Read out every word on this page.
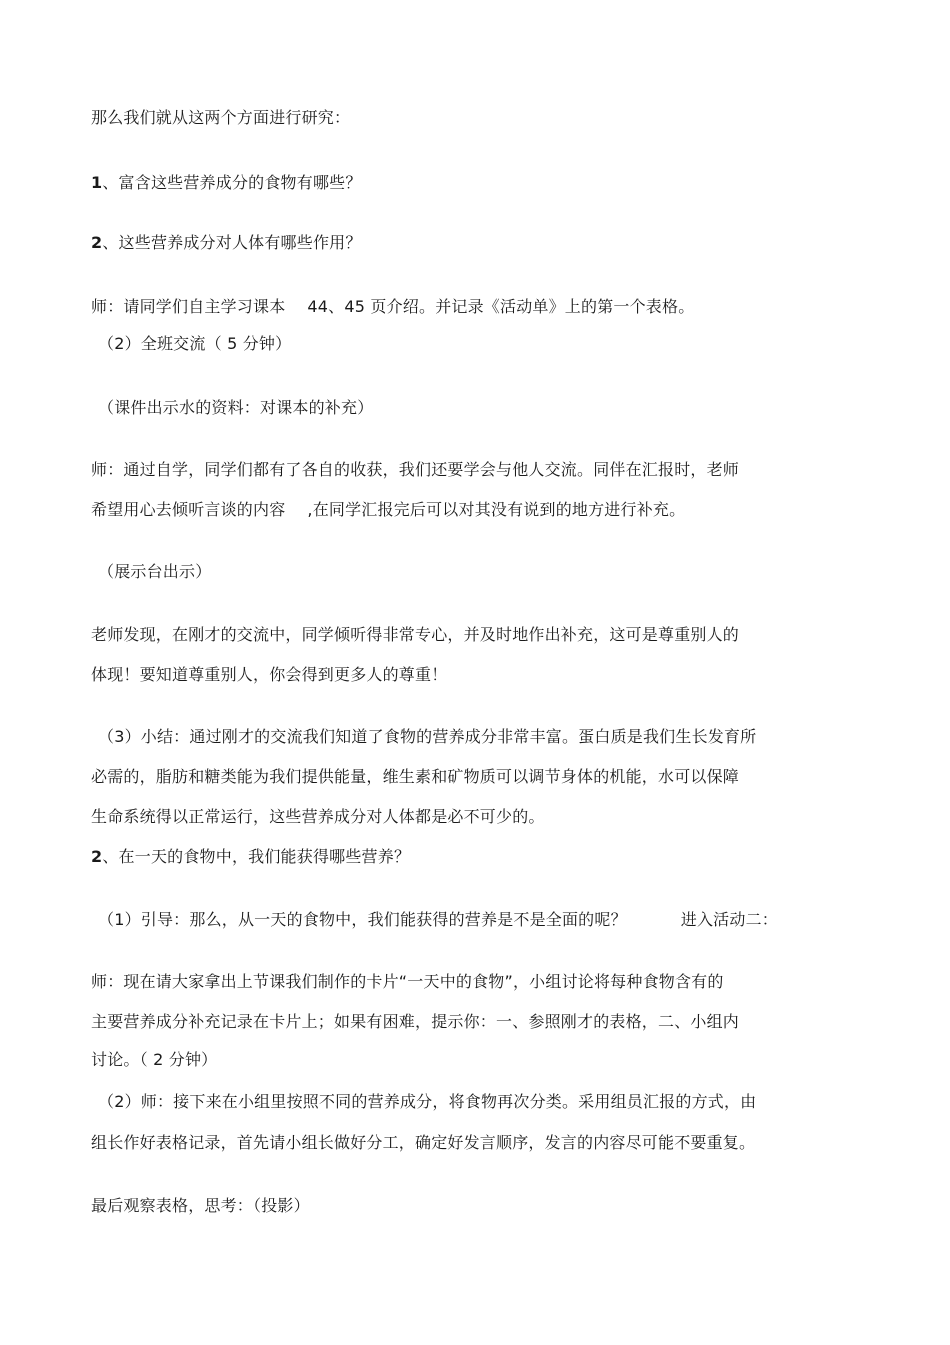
那么我们就从这两个方面进行研究：
1、富含这些营养成分的食物有哪些？
2、这些营养成分对人体有哪些作用？
师：请同学们自主学习课本 44、45 页介绍。并记录《活动单》上的第一个表格。
（2）全班交流（ 5 分钟）
（课件出示水的资料：对课本的补充）
师：通过自学，同学们都有了各自的收获，我们还要学会与他人交流。同伴在汇报时，老师
希望用心去倾听言谈的内容 ,在同学汇报完后可以对其没有说到的地方进行补充。
（展示台出示）
老师发现，在刚才的交流中，同学倾听得非常专心，并及时地作出补充，这可是尊重别人的
体现！要知道尊重别人，你会得到更多人的尊重！
（3）小结：通过刚才的交流我们知道了食物的营养成分非常丰富。蛋白质是我们生长发育所
必需的，脂肪和糖类能为我们提供能量，维生素和矿物质可以调节身体的机能，水可以保障
生命系统得以正常运行，这些营养成分对人体都是必不可少的。
2、在一天的食物中，我们能获得哪些营养？
（1）引导：那么，从一天的食物中，我们能获得的营养是不是全面的呢？	进入活动二：
师：现在请大家拿出上节课我们制作的卡片“一天中的食物”，小组讨论将每种食物含有的
主要营养成分补充记录在卡片上；如果有困难，提示你：一、参照刚才的表格，二、小组内
讨论。（ 2 分钟）
（2）师：接下来在小组里按照不同的营养成分，将食物再次分类。采用组员汇报的方式，由
组长作好表格记录，首先请小组长做好分工，确定好发言顺序，发言的内容尽可能不要重复。
最后观察表格，思考：（投影）
